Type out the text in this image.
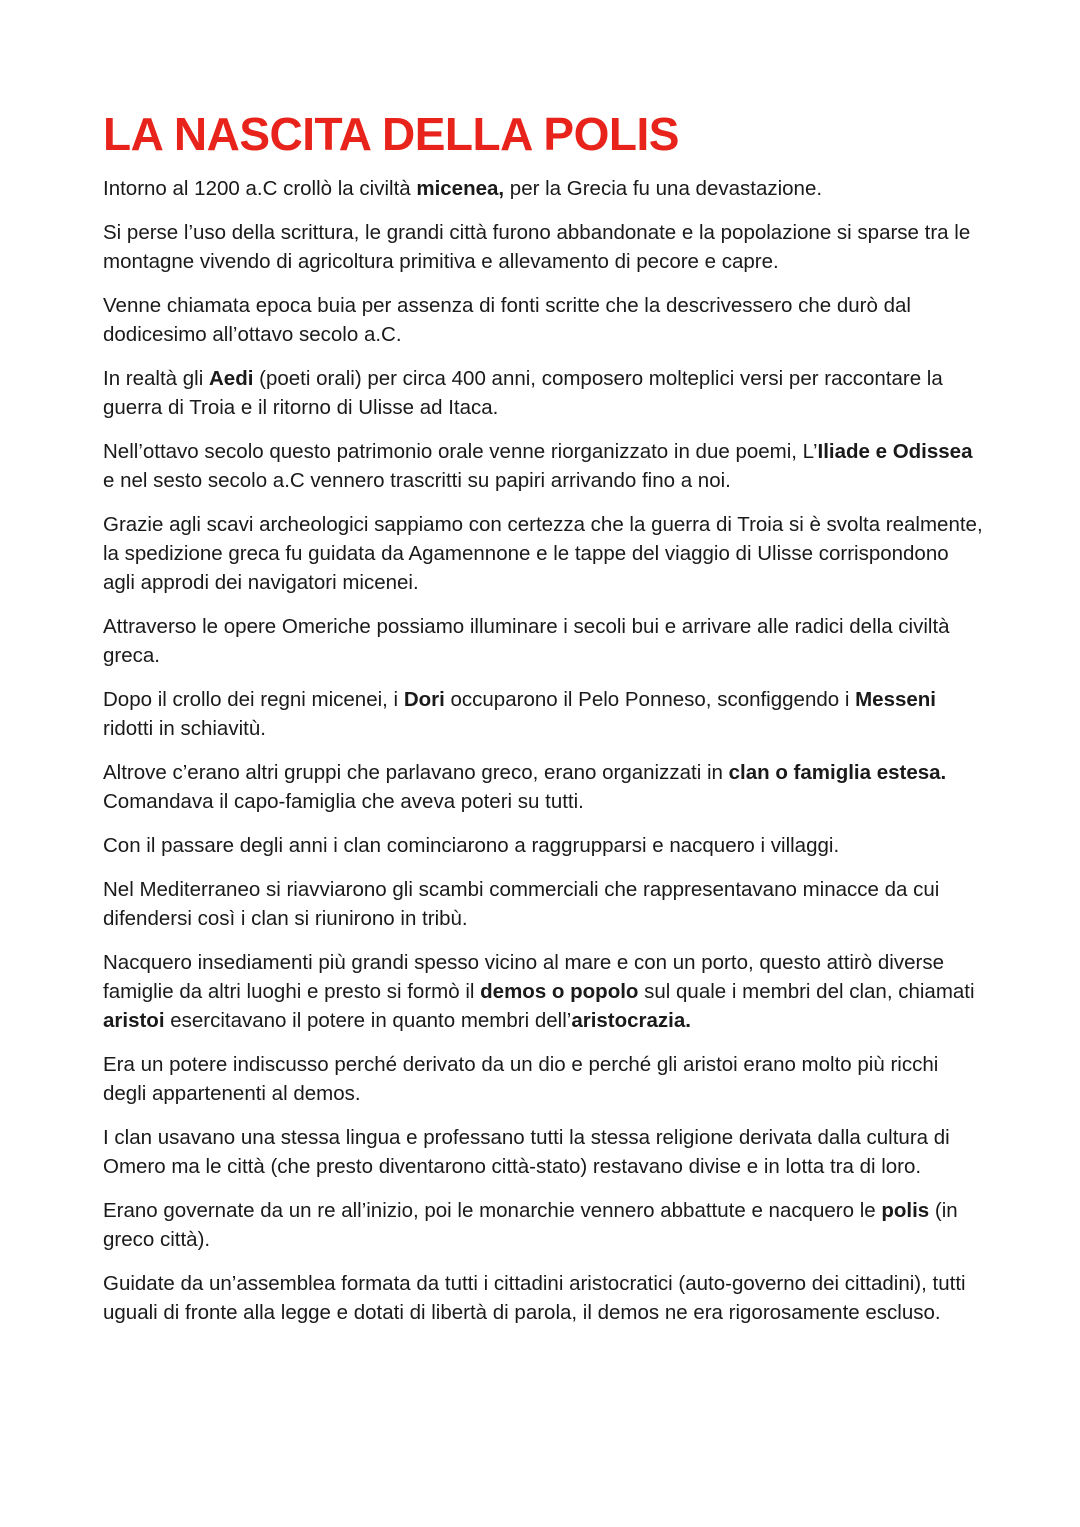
LA NASCITA DELLA POLIS

Intorno al 1200 a.C crollò la civiltà micenea, per la Grecia fu una devastazione.

Si perse l’uso della scrittura, le grandi città furono abbandonate e la popolazione si sparse tra le montagne vivendo di agricoltura primitiva e allevamento di pecore e capre.

Venne chiamata epoca buia per assenza di fonti scritte che la descrivessero che durò dal dodicesimo all’ottavo secolo a.C.

In realtà gli Aedi (poeti orali) per circa 400 anni, composero molteplici versi per raccontare la guerra di Troia e il ritorno di Ulisse ad Itaca.

Nell’ottavo secolo questo patrimonio orale venne riorganizzato in due poemi, L’Iliade e Odissea e nel sesto secolo a.C vennero trascritti su papiri arrivando fino a noi.

Grazie agli scavi archeologici sappiamo con certezza che la guerra di Troia si è svolta realmente, la spedizione greca fu guidata da Agamennone e le tappe del viaggio di Ulisse corrispondono agli approdi dei navigatori micenei.

Attraverso le opere Omeriche possiamo illuminare i secoli bui e arrivare alle radici della civiltà greca.

Dopo il crollo dei regni micenei, i Dori occuparono il Pelo Ponneso, sconfiggendo i Messeni ridotti in schiavitù.

Altrove c’erano altri gruppi che parlavano greco, erano organizzati in clan o famiglia estesa. Comandava il capo-famiglia che aveva poteri su tutti.

Con il passare degli anni i clan cominciarono a raggrupparsi e nacquero i villaggi.

Nel Mediterraneo si riavviarono gli scambi commerciali che rappresentavano minacce da cui difendersi così i clan si riunirono in tribù.

Nacquero insediamenti più grandi spesso vicino al mare e con un porto, questo attirò diverse famiglie da altri luoghi e presto si formò il demos o popolo sul quale i membri del clan, chiamati aristoi esercitavano il potere in quanto membri dell’aristocrazia.

Era un potere indiscusso perché derivato da un dio e perché gli aristoi erano molto più ricchi degli appartenenti al demos.

I clan usavano una stessa lingua e professano tutti la stessa religione derivata dalla cultura di Omero ma le città (che presto diventarono città-stato) restavano divise e in lotta tra di loro.

Erano governate da un re all’inizio, poi le monarchie vennero abbattute e nacquero le polis (in greco città).

Guidate da un’assemblea formata da tutti i cittadini aristocratici (auto-governo dei cittadini), tutti uguali di fronte alla legge e dotati di libertà di parola, il demos ne era rigorosamente escluso.
